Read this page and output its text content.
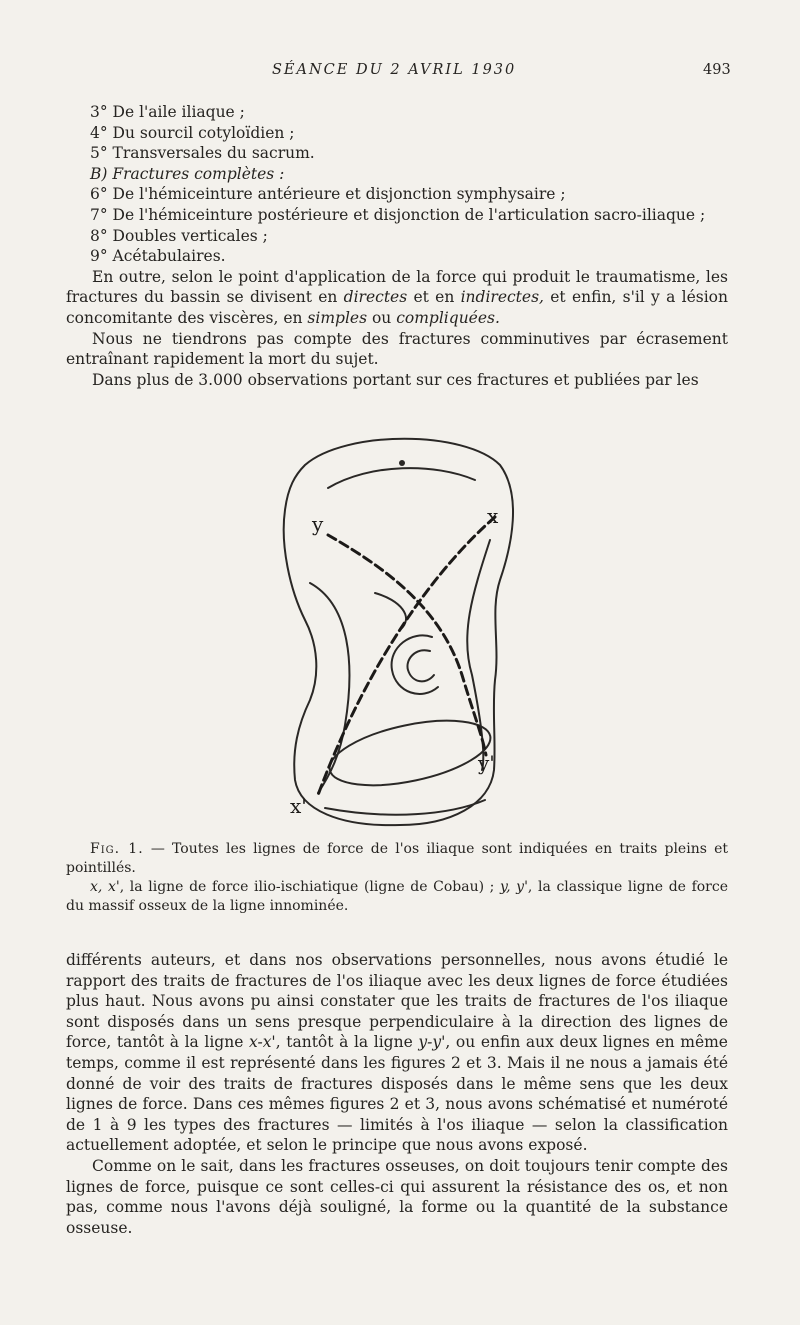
SÉANCE DU 2 AVRIL 1930	493

3° De l'aile iliaque ;

4° Du sourcil cotyloïdien ;

5° Transversales du sacrum.

B) Fractures complètes :

6° De l'hémiceinture antérieure et disjonction symphysaire ;

7° De l'hémiceinture postérieure et disjonction de l'articulation sacro-iliaque ;

8° Doubles verticales ;

9° Acétabulaires.

En outre, selon le point d'application de la force qui produit le traumatisme, les fractures du bassin se divisent en directes et en indirectes, et enfin, s'il y a lésion concomitante des viscères, en simples ou compliquées.

Nous ne tiendrons pas compte des fractures comminutives par écrasement entraînant rapidement la mort du sujet.

Dans plus de 3.000 observations portant sur ces fractures et publiées par les

y	x
y'
x'

Fig. 1. — Toutes les lignes de force de l'os iliaque sont indiquées en traits pleins et pointillés.

x, x', la ligne de force ilio-ischiatique (ligne de Cobau) ; y, y', la classique ligne de force du massif osseux de la ligne innominée.

différents auteurs, et dans nos observations personnelles, nous avons étudié le rapport des traits de fractures de l'os iliaque avec les deux lignes de force étudiées plus haut. Nous avons pu ainsi constater que les traits de fractures de l'os iliaque sont disposés dans un sens presque perpendiculaire à la direction des lignes de force, tantôt à la ligne x-x', tantôt à la ligne y-y', ou enfin aux deux lignes en même temps, comme il est représenté dans les figures 2 et 3. Mais il ne nous a jamais été donné de voir des traits de fractures disposés dans le même sens que les deux lignes de force. Dans ces mêmes figures 2 et 3, nous avons schématisé et numéroté de 1 à 9 les types des fractures — limités à l'os iliaque — selon la classification actuellement adoptée, et selon le principe que nous avons exposé.

Comme on le sait, dans les fractures osseuses, on doit toujours tenir compte des lignes de force, puisque ce sont celles-ci qui assurent la résistance des os, et non pas, comme nous l'avons déjà souligné, la forme ou la quantité de la substance osseuse.
